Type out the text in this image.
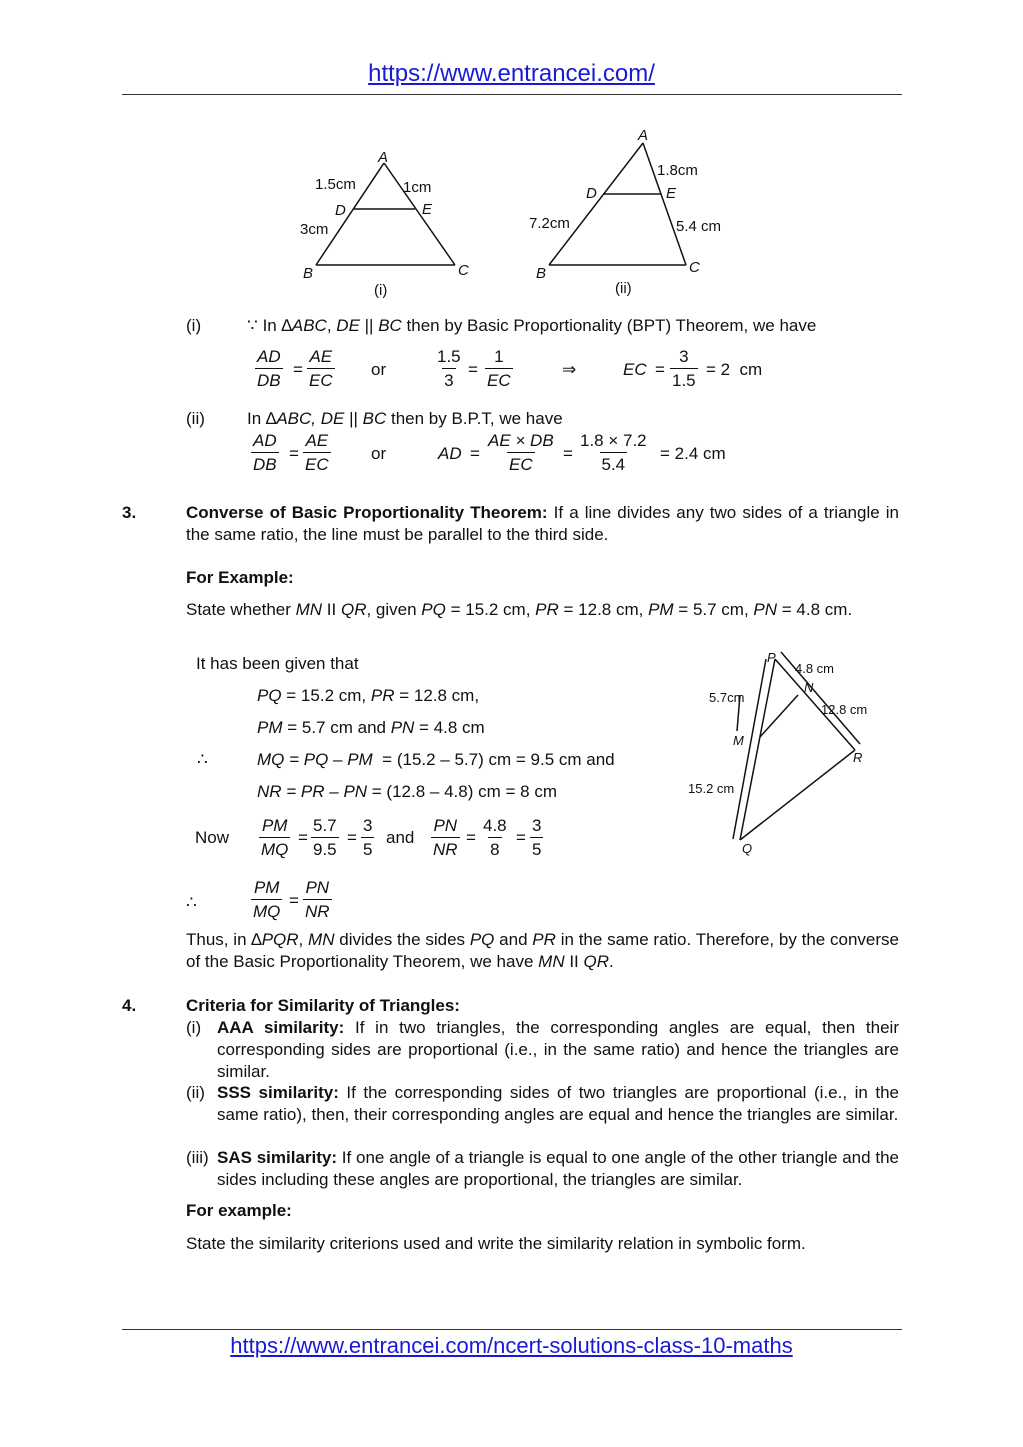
https://www.entrancei.com/
A
B	C
D	E
1.5cm	1cm
3cm
(i)
A
B	C
D	E
1.8cm
7.2cm	5.4 cm
(ii)
(i)	∵ In ∆ABC, DE || BC then by Basic Proportionality (BPT) Theorem, we have
$\frac{AD}{DB} = \frac{AE}{EC}$ or	$\frac{1.5}{3} = \frac{1}{EC}$	⇒	EC = $\frac{3}{1.5} = 2$  cm
(ii) In ∆ABC, DE || BC then by B.P.T, we have
$\frac{AD}{DB} = \frac{AE}{EC}$ or	AD = $\frac{AE \times DB}{EC} = \frac{1.8 \times 7.2}{5.4} = 2.4$ cm
3.	Converse of Basic Proportionality Theorem: If a line divides any two sides of a triangle in the same ratio, the line must be parallel to the third side.
For Example:
State whether MN II QR, given PQ = 15.2 cm, PR = 12.8 cm, PM = 5.7 cm, PN = 4.8 cm.
It has been given that
PQ = 15.2 cm, PR = 12.8 cm,
PM = 5.7 cm and PN = 4.8 cm
∴	MQ = PQ – PM  = (15.2 – 5.7) cm = 9.5 cm and
NR = PR – PN = (12.8 – 4.8) cm = 8 cm
Now $\frac{PM}{MQ} = \frac{5.7}{9.5} = \frac{3}{5}$ and $\frac{PN}{NR} = \frac{4.8}{8} = \frac{3}{5}$
∴	$\frac{PM}{MQ} = \frac{PN}{NR}$
Thus, in ∆PQR, MN divides the sides PQ and PR in the same ratio. Therefore, by the converse of the Basic Proportionality Theorem, we have MN II QR.
P
N
R
M
Q
4.8 cm
5.7cm
12.8 cm
15.2 cm
4.	Criteria for Similarity of Triangles:
(i) AAA similarity: If in two triangles, the corresponding angles are equal, then their corresponding sides are proportional (i.e., in the same ratio) and hence the triangles are similar.
(ii) SSS similarity: If the corresponding sides of two triangles are proportional (i.e., in the same ratio), then, their corresponding angles are equal and hence the triangles are similar.
(iii) SAS similarity: If one angle of a triangle is equal to one angle of the other triangle and the sides including these angles are proportional, the triangles are similar.
For example:
State the similarity criterions used and write the similarity relation in symbolic form.
https://www.entrancei.com/ncert-solutions-class-10-maths
